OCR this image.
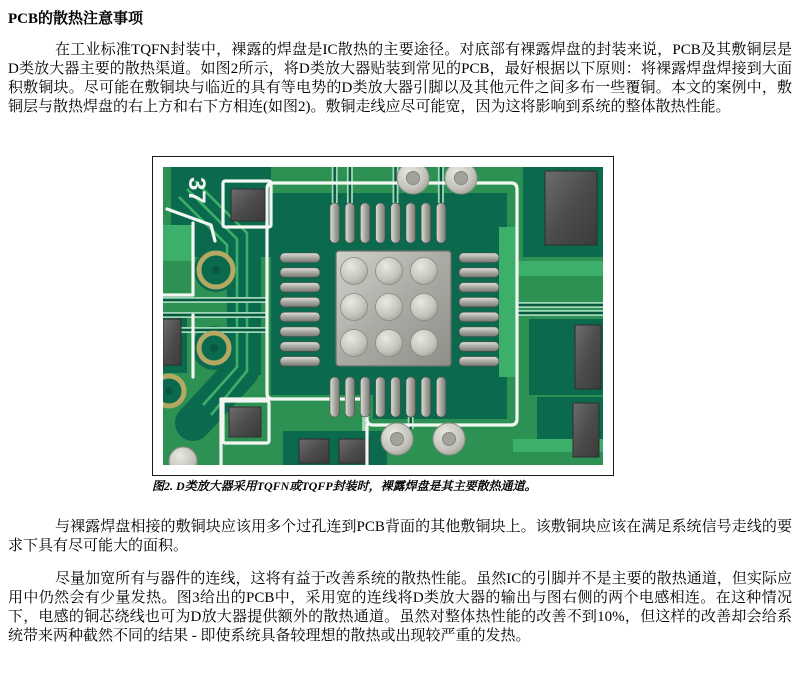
PCB的散热注意事项

在工业标准TQFN封装中，裸露的焊盘是IC散热的主要途径。对底部有裸露焊盘的封装来说，PCB及其敷铜层是D类放大器主要的散热渠道。如图2所示，将D类放大器贴装到常见的PCB，最好根据以下原则：将裸露焊盘焊接到大面积敷铜块。尽可能在敷铜块与临近的具有等电势的D类放大器引脚以及其他元件之间多布一些覆铜。本文的案例中，敷铜层与散热焊盘的右上方和右下方相连(如图2)。敷铜走线应尽可能宽，因为这将影响到系统的整体散热性能。

37
图2. D类放大器采用TQFN或TQFP封装时，裸露焊盘是其主要散热通道。

与裸露焊盘相接的敷铜块应该用多个过孔连到PCB背面的其他敷铜块上。该敷铜块应该在满足系统信号走线的要求下具有尽可能大的面积。

尽量加宽所有与器件的连线，这将有益于改善系统的散热性能。虽然IC的引脚并不是主要的散热通道，但实际应用中仍然会有少量发热。图3给出的PCB中，采用宽的连线将D类放大器的输出与图右侧的两个电感相连。在这种情况下，电感的铜芯绕线也可为D放大器提供额外的散热通道。虽然对整体热性能的改善不到10%，但这样的改善却会给系统带来两种截然不同的结果 - 即使系统具备较理想的散热或出现较严重的发热。
